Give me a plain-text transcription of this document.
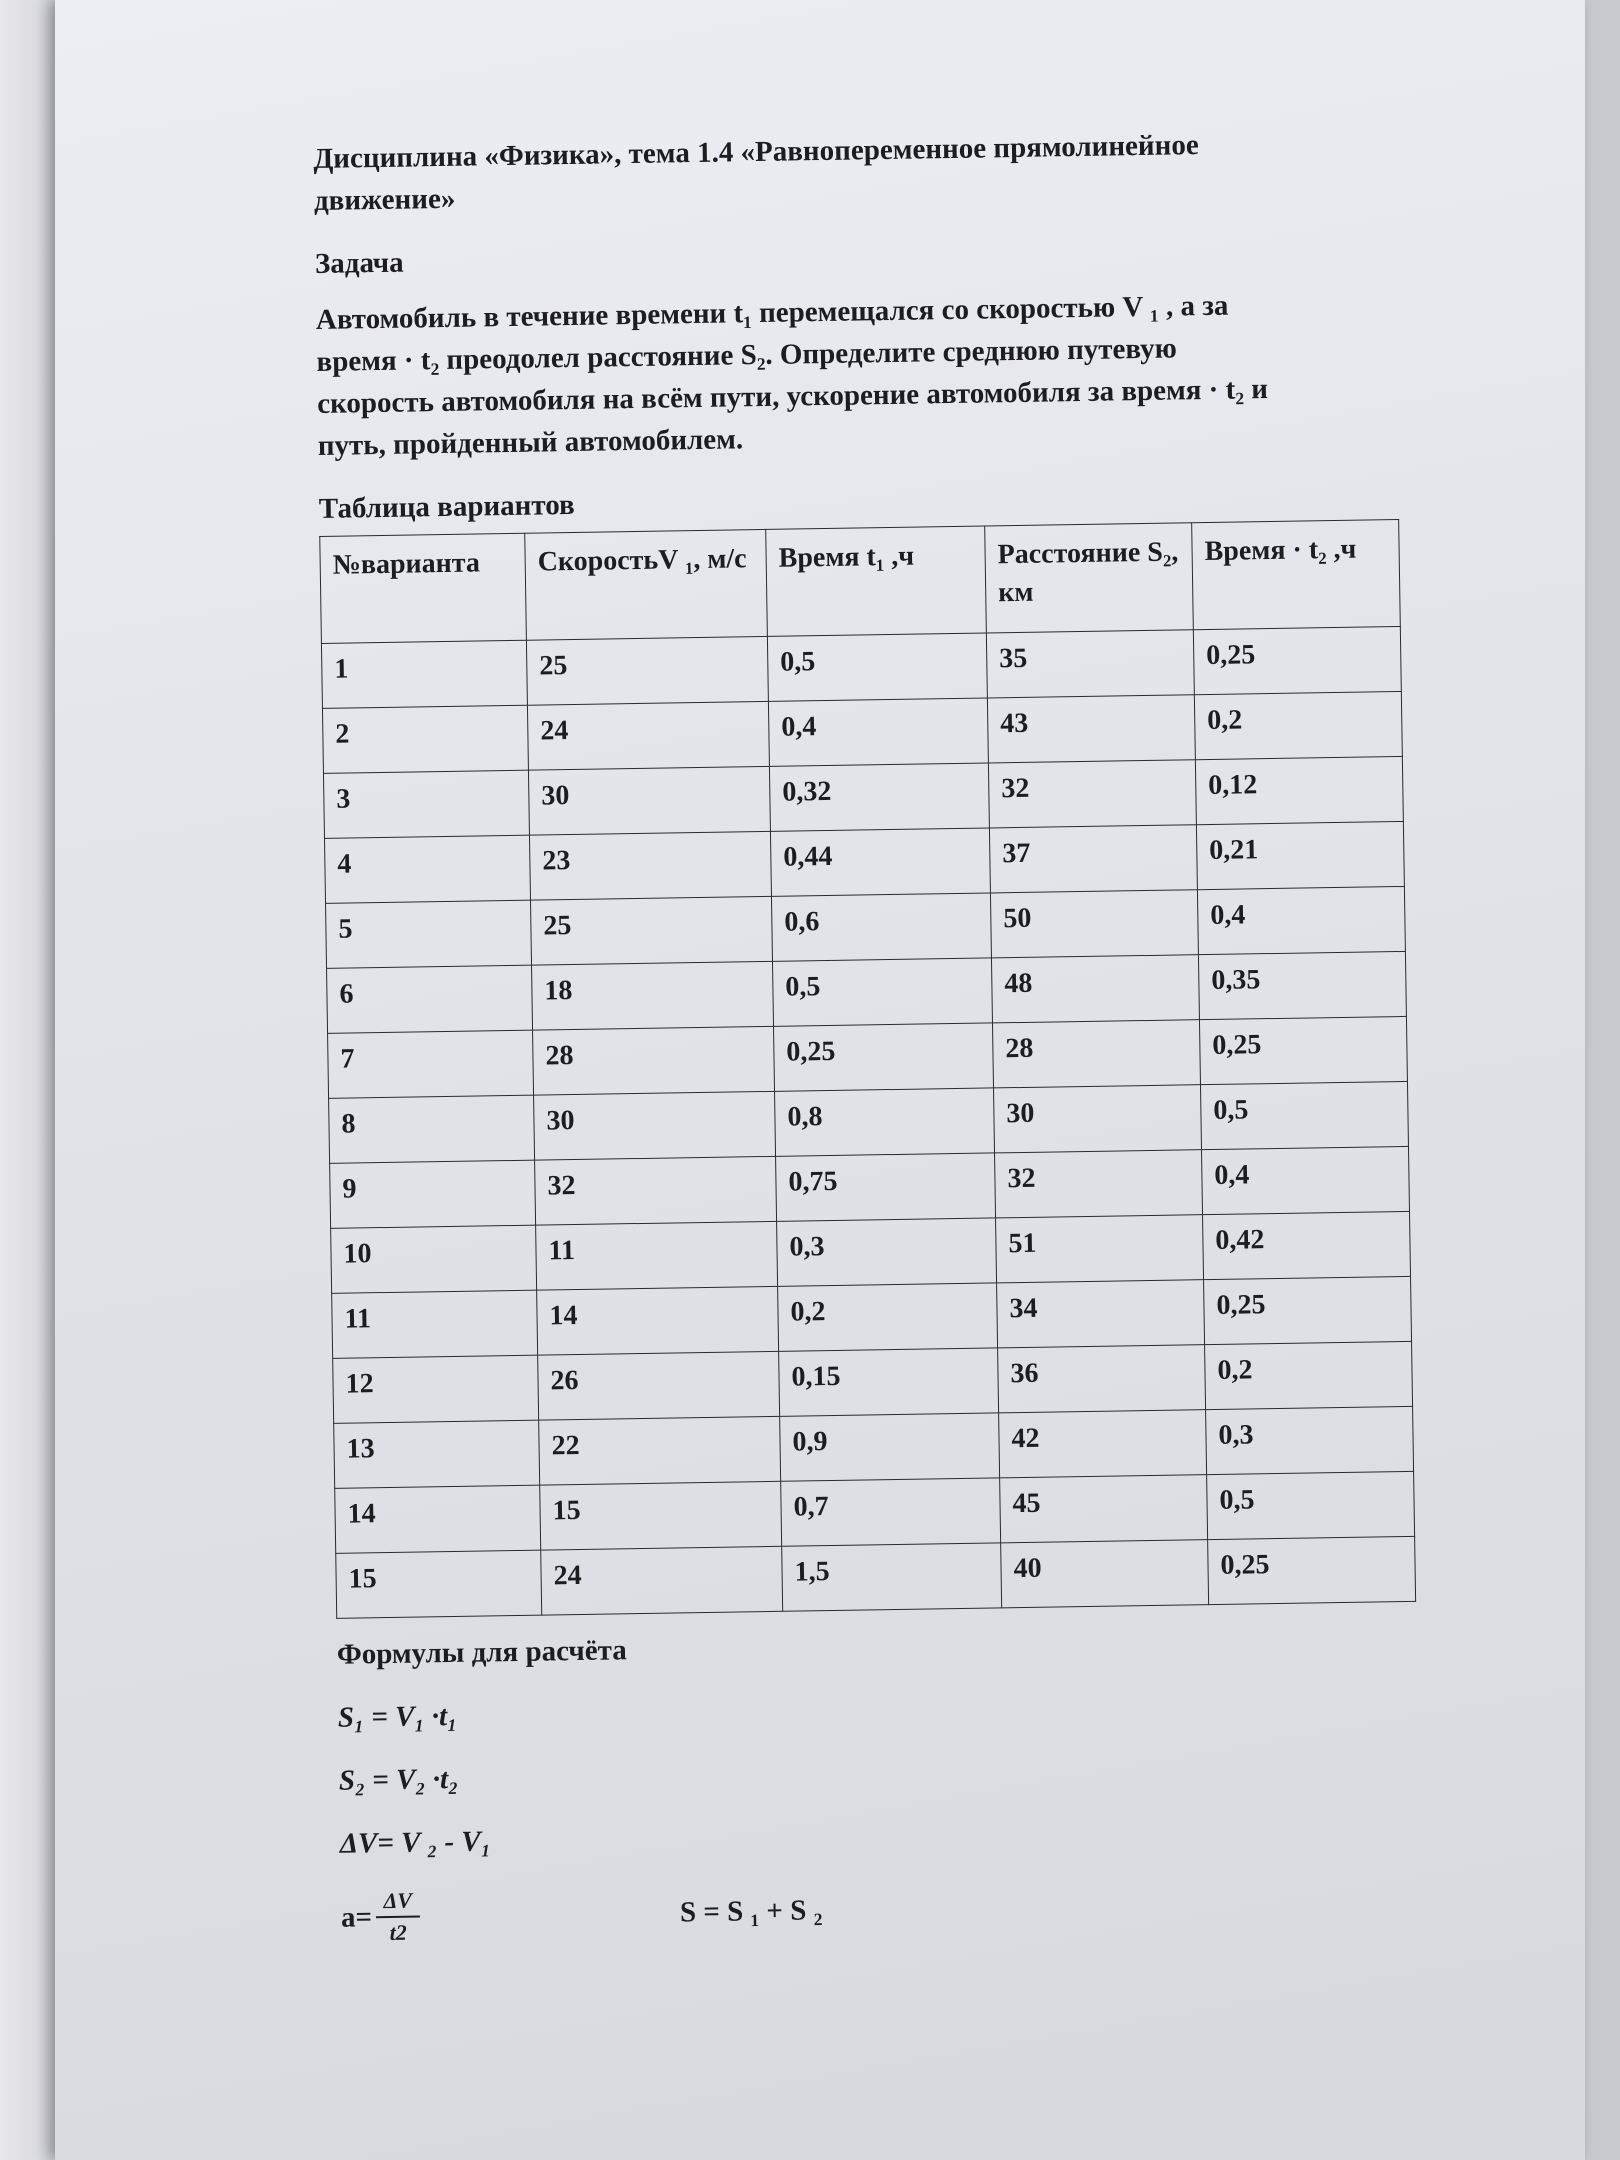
Дисциплина «Физика», тема 1.4 «Равнопеременное прямолинейное
движение»
Задача
Автомобиль в течение времени t₁ перемещался со скоростью V ₁ , а за
время · t₂ преодолел расстояние S₂. Определите среднюю путевую
скорость автомобиля на всём пути, ускорение автомобиля за время · t₂ и
путь, пройденный автомобилем.
Таблица вариантов
№варианта	СкоростьV ₁, м/с	Время t₁ ,ч	Расстояние S₂, км	Время · t₂ ,ч
1	25	0,5	35	0,25
2	24	0,4	43	0,2
3	30	0,32	32	0,12
4	23	0,44	37	0,21
5	25	0,6	50	0,4
6	18	0,5	48	0,35
7	28	0,25	28	0,25
8	30	0,8	30	0,5
9	32	0,75	32	0,4
10	11	0,3	51	0,42
11	14	0,2	34	0,25
12	26	0,15	36	0,2
13	22	0,9	42	0,3
14	15	0,7	45	0,5
15	24	1,5	40	0,25
Формулы для расчёта
S₁ = V₁ ·t₁
S₂ = V₂ ·t₂
ΔV= V ₂ - V₁
$a= \frac{\Delta V}{t2}$	S = S ₁ + S ₂
